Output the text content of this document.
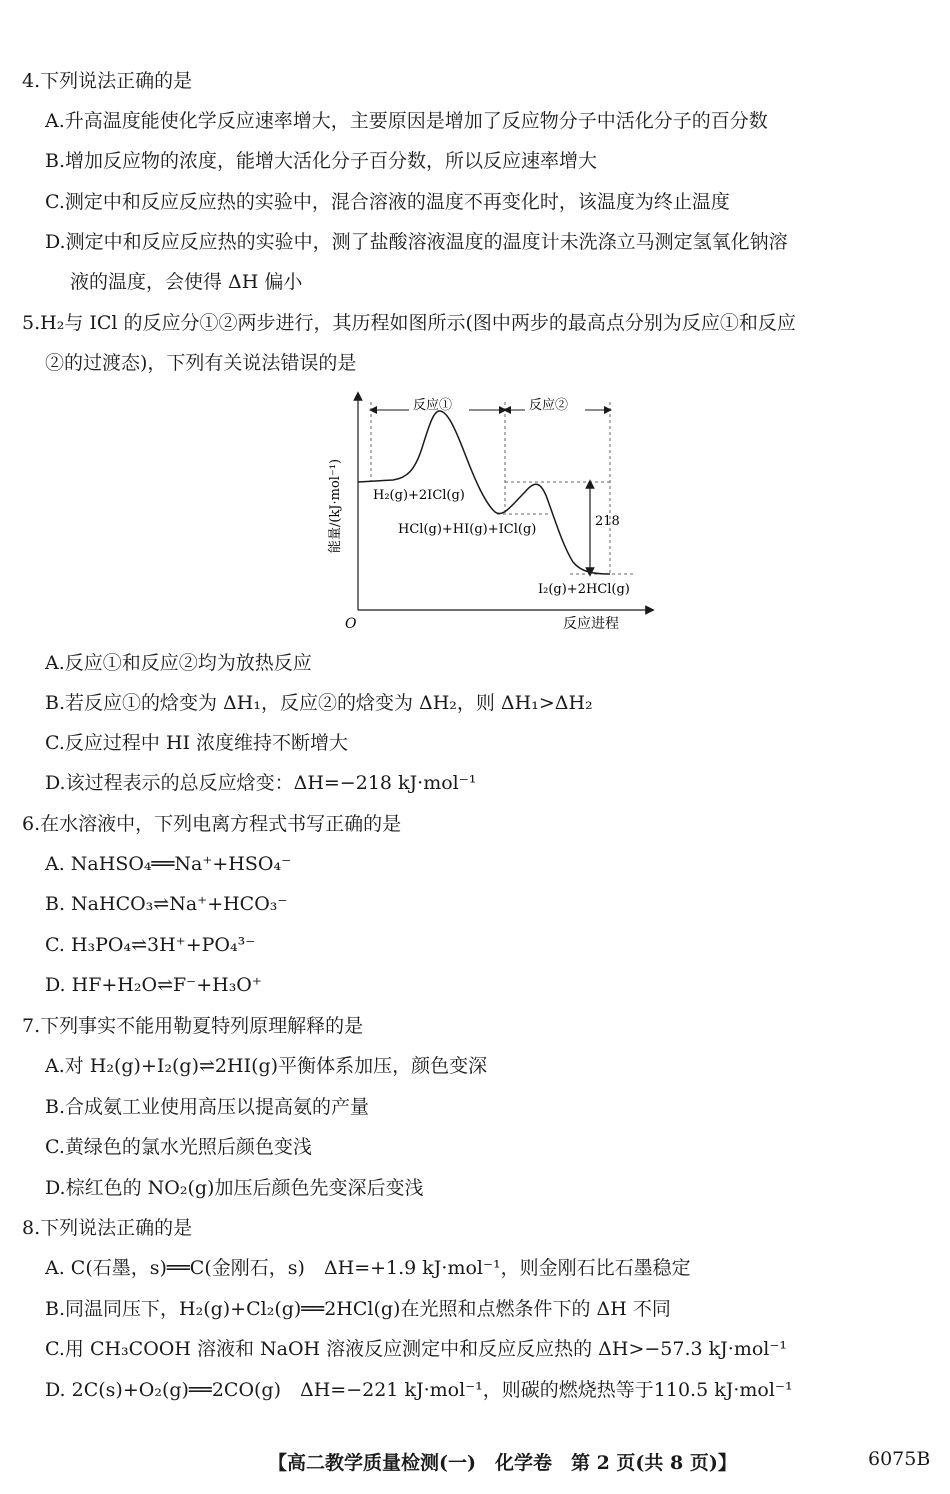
4.下列说法正确的是
A.升高温度能使化学反应速率增大，主要原因是增加了反应物分子中活化分子的百分数
B.增加反应物的浓度，能增大活化分子百分数，所以反应速率增大
C.测定中和反应反应热的实验中，混合溶液的温度不再变化时，该温度为终止温度
D.测定中和反应反应热的实验中，测了盐酸溶液温度的温度计未洗涤立马测定氢氧化钠溶
液的温度，会使得 ΔH 偏小
5.H₂与 ICl 的反应分①②两步进行，其历程如图所示(图中两步的最高点分别为反应①和反应
②的过渡态)，下列有关说法错误的是
O	反应进程
能量/(kJ·mol⁻¹)
反应①	反应②
218
H₂(g)+2ICl(g)
HCl(g)+HI(g)+ICl(g)
I₂(g)+2HCl(g)
A.反应①和反应②均为放热反应
B.若反应①的焓变为 ΔH₁，反应②的焓变为 ΔH₂，则 ΔH₁>ΔH₂
C.反应过程中 HI 浓度维持不断增大
D.该过程表示的总反应焓变：ΔH=−218 kJ·mol⁻¹
6.在水溶液中，下列电离方程式书写正确的是
A. NaHSO₄══Na⁺+HSO₄⁻
B. NaHCO₃⇌Na⁺+HCO₃⁻
C. H₃PO₄⇌3H⁺+PO₄³⁻
D. HF+H₂O⇌F⁻+H₃O⁺
7.下列事实不能用勒夏特列原理解释的是
A.对 H₂(g)+I₂(g)⇌2HI(g)平衡体系加压，颜色变深
B.合成氨工业使用高压以提高氨的产量
C.黄绿色的氯水光照后颜色变浅
D.棕红色的 NO₂(g)加压后颜色先变深后变浅
8.下列说法正确的是
A. C(石墨，s)══C(金刚石，s)　ΔH=+1.9 kJ·mol⁻¹，则金刚石比石墨稳定
B.同温同压下，H₂(g)+Cl₂(g)══2HCl(g)在光照和点燃条件下的 ΔH 不同
C.用 CH₃COOH 溶液和 NaOH 溶液反应测定中和反应反应热的 ΔH>−57.3 kJ·mol⁻¹
D. 2C(s)+O₂(g)══2CO(g)　ΔH=−221 kJ·mol⁻¹，则碳的燃烧热等于110.5 kJ·mol⁻¹
【高二教学质量检测(一)　化学卷　第 2 页(共 8 页)】	6075B
